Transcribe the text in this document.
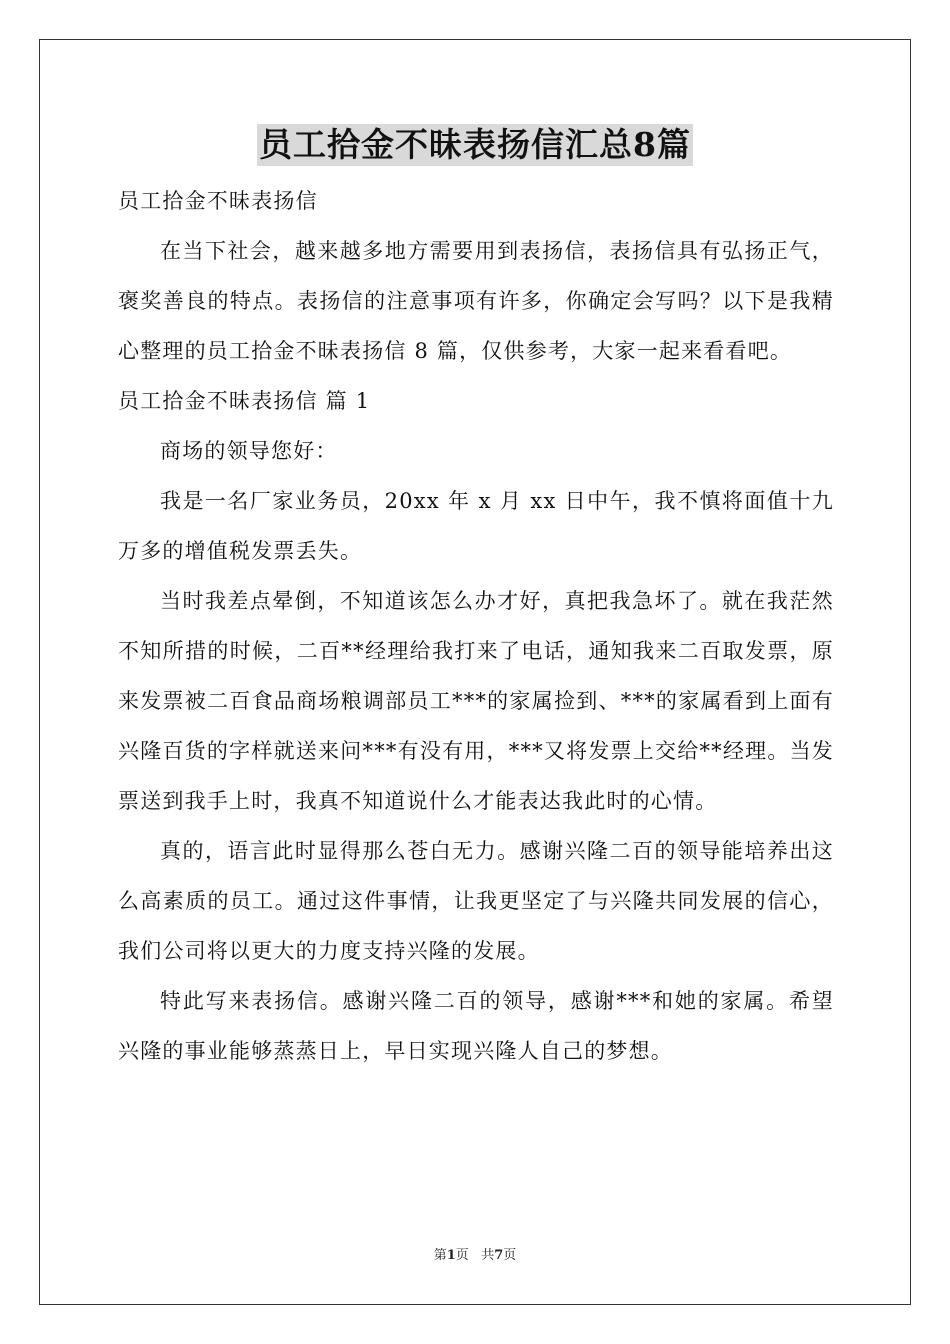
员工拾金不昧表扬信汇总8篇

员工拾金不昧表扬信

在当下社会，越来越多地方需要用到表扬信，表扬信具有弘扬正气，褒奖善良的特点。表扬信的注意事项有许多，你确定会写吗？以下是我精心整理的员工拾金不昧表扬信 8 篇，仅供参考，大家一起来看看吧。

员工拾金不昧表扬信 篇 1

商场的领导您好：

我是一名厂家业务员，20xx 年 x 月 xx 日中午，我不慎将面值十九万多的增值税发票丢失。

当时我差点晕倒，不知道该怎么办才好，真把我急坏了。就在我茫然不知所措的时候，二百**经理给我打来了电话，通知我来二百取发票，原来发票被二百食品商场粮调部员工***的家属捡到、***的家属看到上面有兴隆百货的字样就送来问***有没有用，***又将发票上交给**经理。当发票送到我手上时，我真不知道说什么才能表达我此时的心情。

真的，语言此时显得那么苍白无力。感谢兴隆二百的领导能培养出这么高素质的员工。通过这件事情，让我更坚定了与兴隆共同发展的信心，我们公司将以更大的力度支持兴隆的发展。

特此写来表扬信。感谢兴隆二百的领导，感谢***和她的家属。希望兴隆的事业能够蒸蒸日上，早日实现兴隆人自己的梦想。

第1页 共7页
